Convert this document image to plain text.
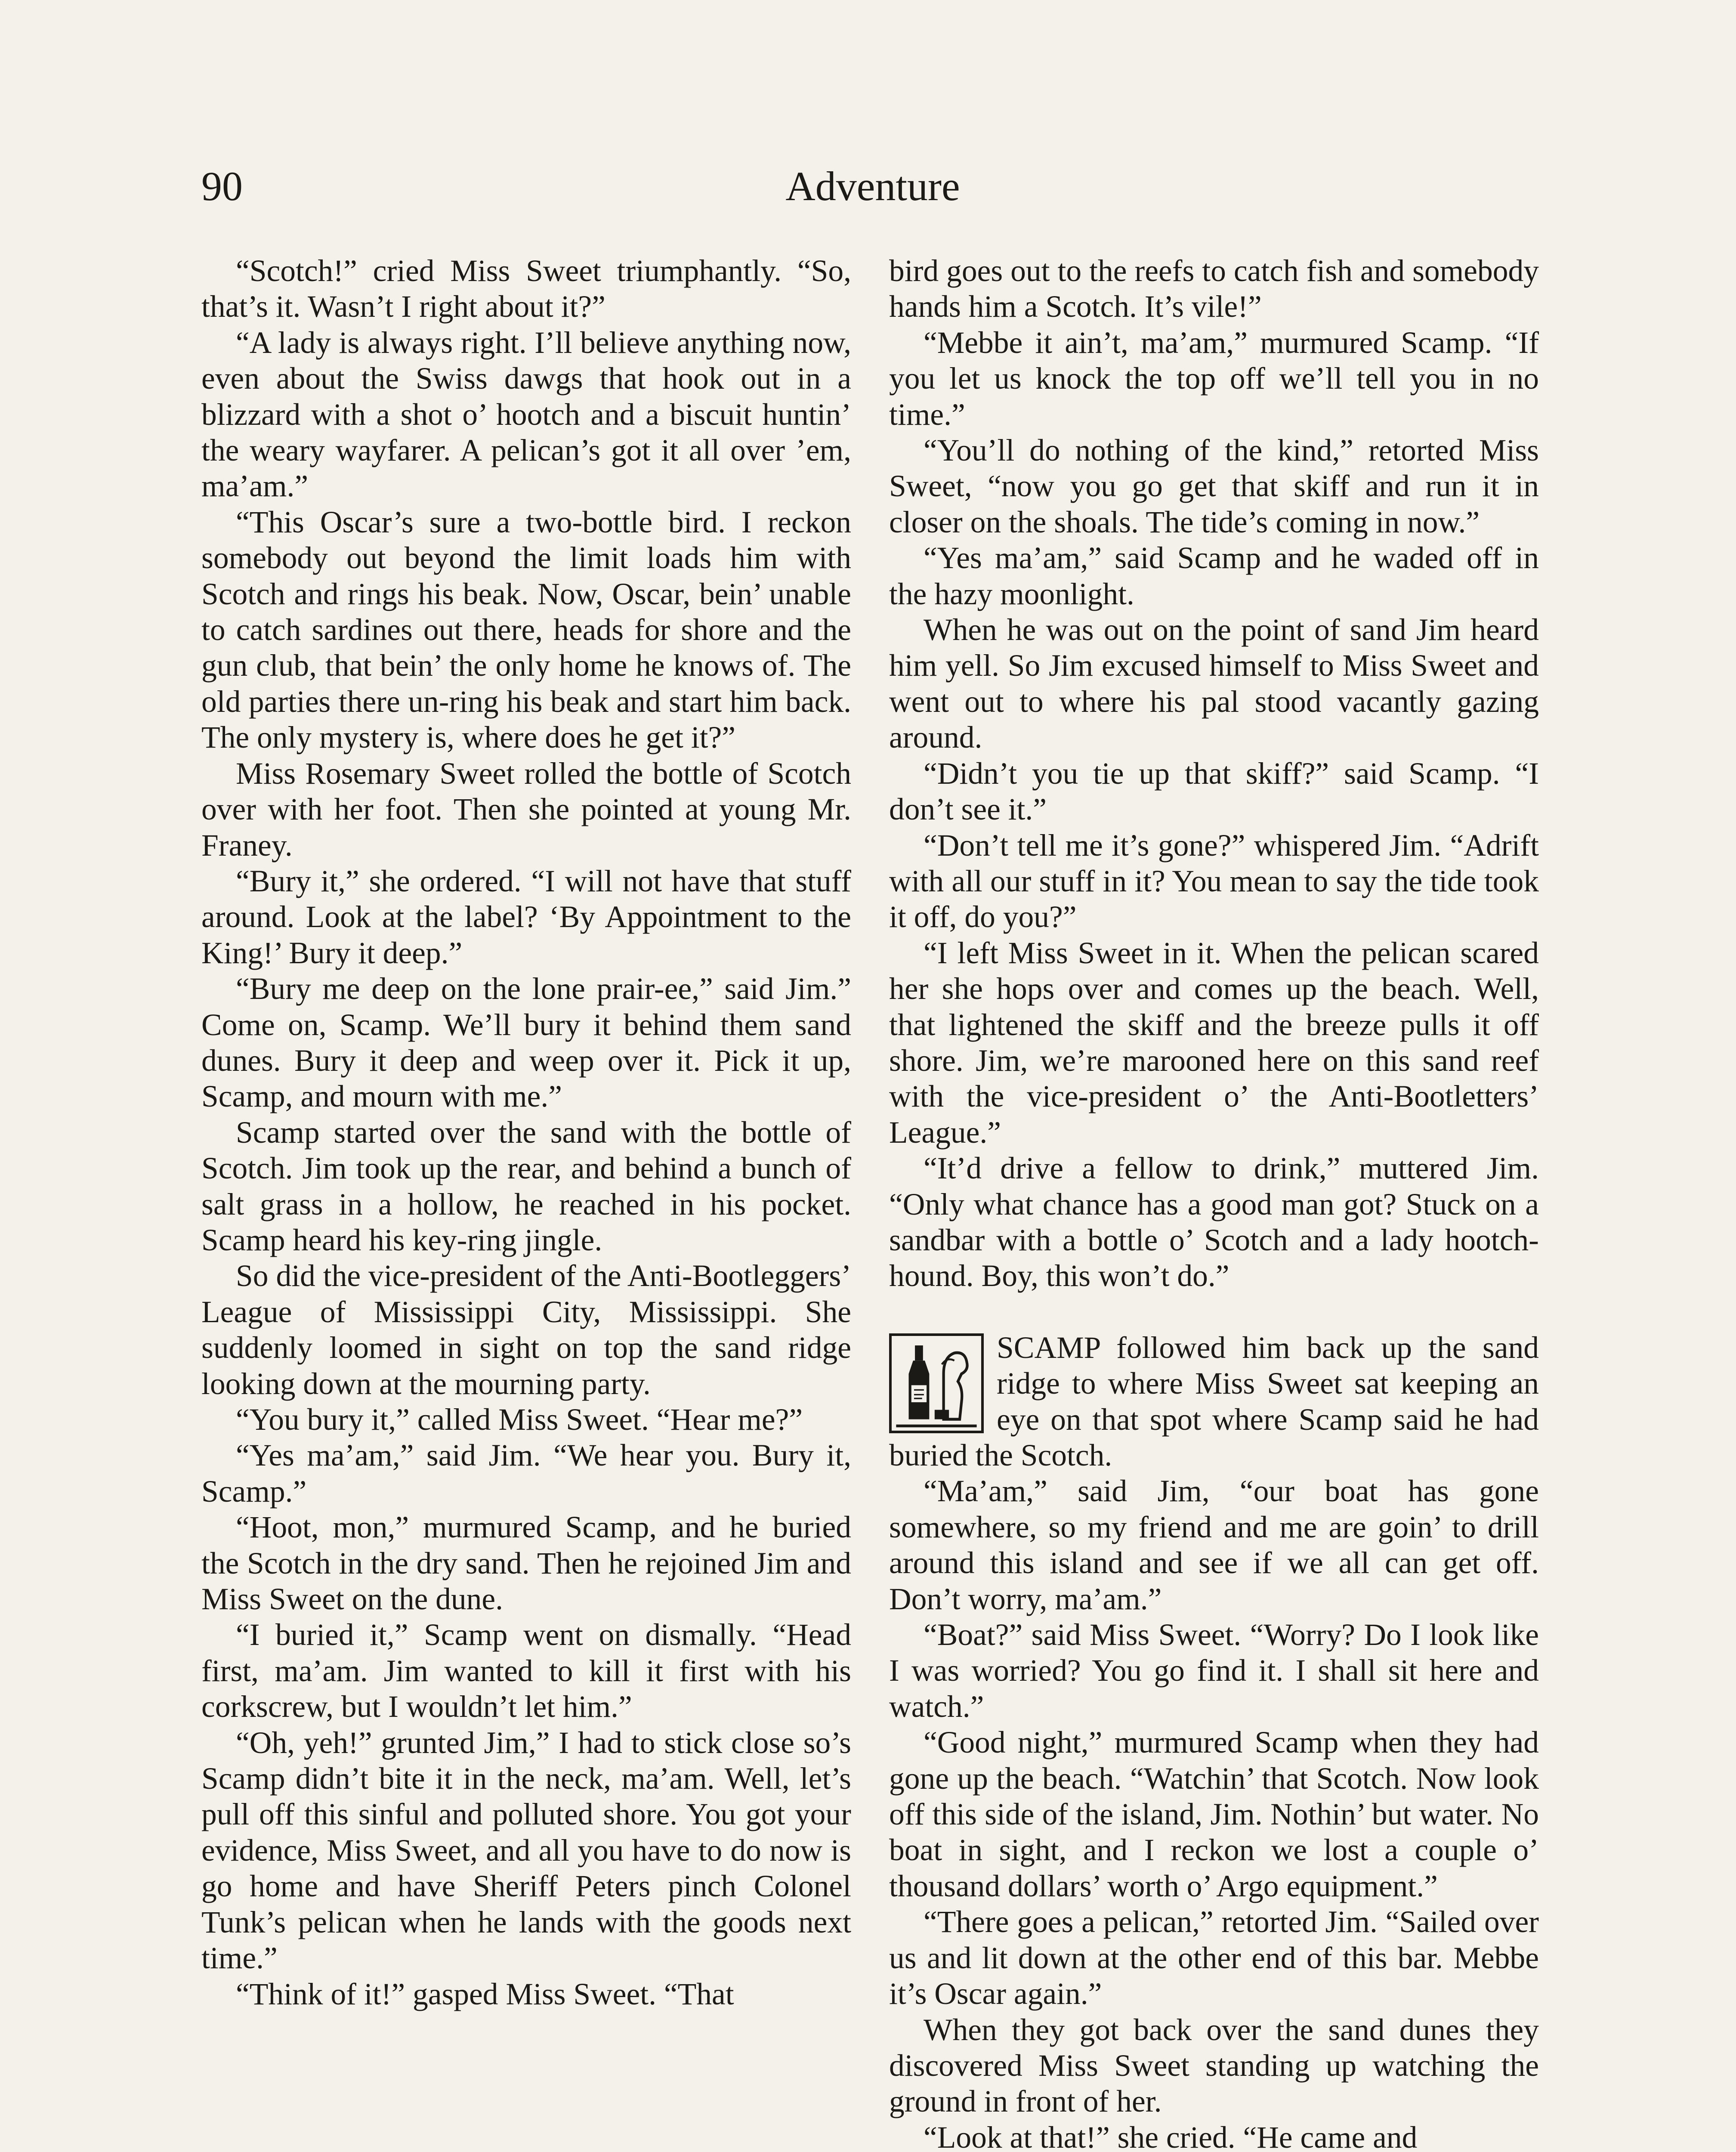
90	Adventure

“Scotch!” cried Miss Sweet triumphantly. “So, that’s it. Wasn’t I right about it?”

“A lady is always right. I’ll believe anything now, even about the Swiss dawgs that hook out in a blizzard with a shot o’ hootch and a biscuit huntin’ the weary wayfarer. A pelican’s got it all over ’em, ma’am.”

“This Oscar’s sure a two-bottle bird. I reckon somebody out beyond the limit loads him with Scotch and rings his beak. Now, Oscar, bein’ unable to catch sardines out there, heads for shore and the gun club, that bein’ the only home he knows of. The old parties there un-ring his beak and start him back. The only mystery is, where does he get it?”

Miss Rosemary Sweet rolled the bottle of Scotch over with her foot. Then she pointed at young Mr. Franey.

“Bury it,” she ordered. “I will not have that stuff around. Look at the label? ‘By Appointment to the King!’ Bury it deep.”

“Bury me deep on the lone prair-ee,” said Jim.” Come on, Scamp. We’ll bury it behind them sand dunes. Bury it deep and weep over it. Pick it up, Scamp, and mourn with me.”

Scamp started over the sand with the bottle of Scotch. Jim took up the rear, and behind a bunch of salt grass in a hollow, he reached in his pocket. Scamp heard his key-ring jingle.

So did the vice-president of the Anti-Bootleggers’ League of Mississippi City, Mississippi. She suddenly loomed in sight on top the sand ridge looking down at the mourning party.

“You bury it,” called Miss Sweet. “Hear me?”

“Yes ma’am,” said Jim. “We hear you. Bury it, Scamp.”

“Hoot, mon,” murmured Scamp, and he buried the Scotch in the dry sand. Then he rejoined Jim and Miss Sweet on the dune.

“I buried it,” Scamp went on dismally. “Head first, ma’am. Jim wanted to kill it first with his corkscrew, but I wouldn’t let him.”

“Oh, yeh!” grunted Jim,” I had to stick close so’s Scamp didn’t bite it in the neck, ma’am. Well, let’s pull off this sinful and polluted shore. You got your evidence, Miss Sweet, and all you have to do now is go home and have Sheriff Peters pinch Colonel Tunk’s pelican when he lands with the goods next time.”

“Think of it!” gasped Miss Sweet. “That

bird goes out to the reefs to catch fish and somebody hands him a Scotch. It’s vile!”

“Mebbe it ain’t, ma’am,” murmured Scamp. “If you let us knock the top off we’ll tell you in no time.”

“You’ll do nothing of the kind,” retorted Miss Sweet, “now you go get that skiff and run it in closer on the shoals. The tide’s coming in now.”

“Yes ma’am,” said Scamp and he waded off in the hazy moonlight.

When he was out on the point of sand Jim heard him yell. So Jim excused himself to Miss Sweet and went out to where his pal stood vacantly gazing around.

“Didn’t you tie up that skiff?” said Scamp. “I don’t see it.”

“Don’t tell me it’s gone?” whispered Jim. “Adrift with all our stuff in it? You mean to say the tide took it off, do you?”

“I left Miss Sweet in it. When the pelican scared her she hops over and comes up the beach. Well, that lightened the skiff and the breeze pulls it off shore. Jim, we’re marooned here on this sand reef with the vice-president o’ the Anti-Bootletters’ League.”

“It’d drive a fellow to drink,” muttered Jim. “Only what chance has a good man got? Stuck on a sandbar with a bottle o’ Scotch and a lady hootch-hound. Boy, this won’t do.”

SCAMP followed him back up the sand ridge to where Miss Sweet sat keeping an eye on that spot where Scamp said he had buried the Scotch.

“Ma’am,” said Jim, “our boat has gone somewhere, so my friend and me are goin’ to drill around this island and see if we all can get off. Don’t worry, ma’am.”

“Boat?” said Miss Sweet. “Worry? Do I look like I was worried? You go find it. I shall sit here and watch.”

“Good night,” murmured Scamp when they had gone up the beach. “Watchin’ that Scotch. Now look off this side of the island, Jim. Nothin’ but water. No boat in sight, and I reckon we lost a couple o’ thousand dollars’ worth o’ Argo equipment.”

“There goes a pelican,” retorted Jim. “Sailed over us and lit down at the other end of this bar. Mebbe it’s Oscar again.”

When they got back over the sand dunes they discovered Miss Sweet standing up watching the ground in front of her.

“Look at that!” she cried. “He came and
